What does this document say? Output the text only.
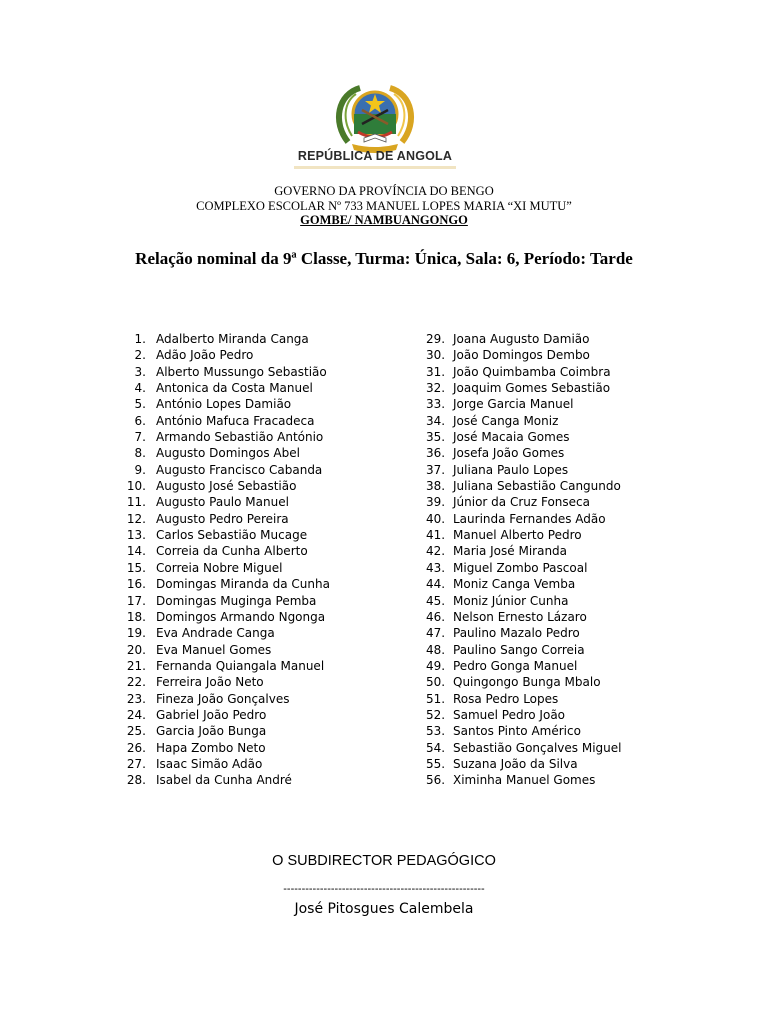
REPÚBLICA DE ANGOLA
GOVERNO DA PROVÍNCIA DO BENGO
COMPLEXO ESCOLAR Nº 733 MANUEL LOPES MARIA “XI MUTU”
GOMBE/ NAMBUANGONGO
Relação nominal da 9ª Classe, Turma: Única, Sala: 6, Período: Tarde
1. Adalberto Miranda Canga
2. Adão João Pedro
3. Alberto Mussungo Sebastião
4. Antonica da Costa Manuel
5. António Lopes Damião
6. António Mafuca Fracadeca
7. Armando Sebastião António
8. Augusto Domingos Abel
9. Augusto Francisco Cabanda
10. Augusto José Sebastião
11. Augusto Paulo Manuel
12. Augusto Pedro Pereira
13. Carlos Sebastião Mucage
14. Correia da Cunha Alberto
15. Correia Nobre Miguel
16. Domingas Miranda da Cunha
17. Domingas Muginga Pemba
18. Domingos Armando Ngonga
19. Eva Andrade Canga
20. Eva Manuel Gomes
21. Fernanda Quiangala Manuel
22. Ferreira João Neto
23. Fineza João Gonçalves
24. Gabriel João Pedro
25. Garcia João Bunga
26. Hapa Zombo Neto
27. Isaac Simão Adão
28. Isabel da Cunha André
29. Joana Augusto Damião
30. João Domingos Dembo
31. João Quimbamba Coimbra
32. Joaquim Gomes Sebastião
33. Jorge Garcia Manuel
34. José Canga Moniz
35. José Macaia Gomes
36. Josefa João Gomes
37. Juliana Paulo Lopes
38. Juliana Sebastião Cangundo
39. Júnior da Cruz Fonseca
40. Laurinda Fernandes Adão
41. Manuel Alberto Pedro
42. Maria José Miranda
43. Miguel Zombo Pascoal
44. Moniz Canga Vemba
45. Moniz Júnior Cunha
46. Nelson Ernesto Lázaro
47. Paulino Mazalo Pedro
48. Paulino Sango Correia
49. Pedro Gonga Manuel
50. Quingongo Bunga Mbalo
51. Rosa Pedro Lopes
52. Samuel Pedro João
53. Santos Pinto Américo
54. Sebastião Gonçalves Miguel
55. Suzana João da Silva
56. Ximinha Manuel Gomes
O SUBDIRECTOR PEDAGÓGICO
-------------------------------------------------------
José Pitosgues Calembela
